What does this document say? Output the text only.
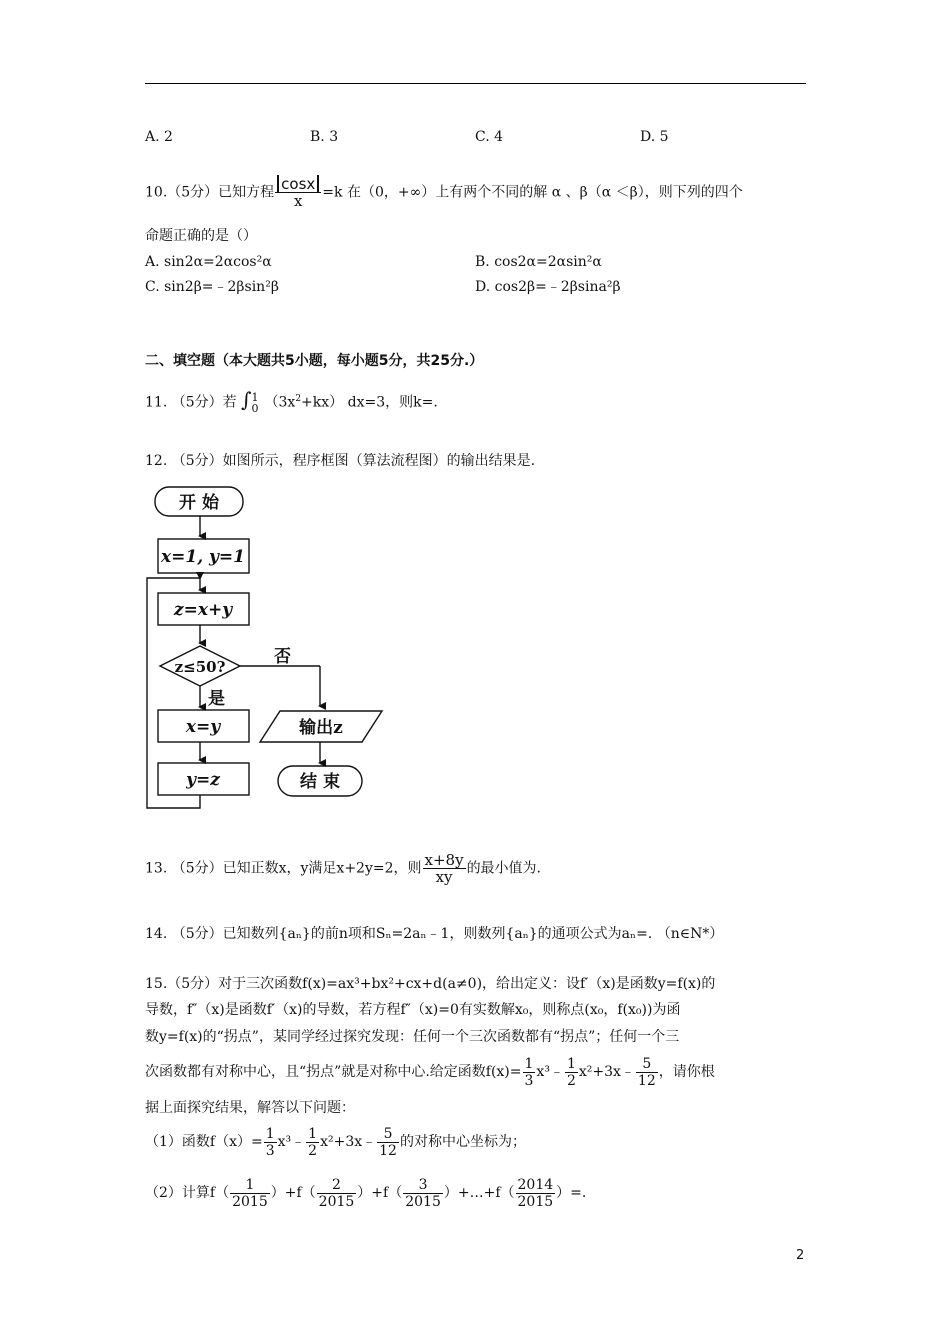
A. 2	B. 3	C. 4	D. 5
10.（5分）已知方程 $\frac{\cos x}{x} =k$ 在（0，+∞）上有两个不同的解 α 、β（α ＜β），则下列的四个
命题正确的是（）
A. sin2α=2αcos²α	B. cos2α=2αsin²α
C. sin2β=﹣2βsin²β	D. cos2β=﹣2βsina²β
二、填空题（本大题共5小题，每小题5分，共25分.）
11. （5分）若 ∫ 1
0 $(3x^2+kx)$ dx=3，则k=.
12. （5分）如图所示，程序框图（算法流程图）的输出结果是.
开 始
x=1, y=1
z=x+y
z≤50?	否
是
x=y
y=z
输出z
结 束
13. （5分）已知正数x，y满足x+2y=2，则 $\frac{x+8y}{xy}$ 的最小值为.
14. （5分）已知数列{aₙ}的前n项和Sₙ=2aₙ﹣1，则数列{aₙ}的通项公式为aₙ=. （n∈N*）
15.（5分）对于三次函数f(x)=ax³+bx²+cx+d(a≠0)，给出定义：设f′（x)是函数y=f(x)的
导数，f″（x)是函数f′（x)的导数，若方程f″（x)=0有实数解x₀，则称点(x₀，f(x₀))为函
数y=f(x)的“拐点”，某同学经过探究发现：任何一个三次函数都有“拐点”；任何一个三
次函数都有对称中心，且“拐点”就是对称中心.给定函数$f(x)= \frac{1}{3}$ x³﹣ $\frac{1}{2}$ x²+3x﹣ $\frac{5}{12}$ ，请你根
据上面探究结果，解答以下问题：
（1）函数$f(x)= \frac{1}{3}$ x³﹣ $\frac{1}{2}$ x²+3x﹣ $\frac{5}{12}$ 的对称中心坐标为；
（2）计算$f( \frac{1}{2015} )+f( \frac{2}{2015} )+f( \frac{3}{2015}$ ）+…+f（ $\frac{2014}{2015}$ ）=.
2
